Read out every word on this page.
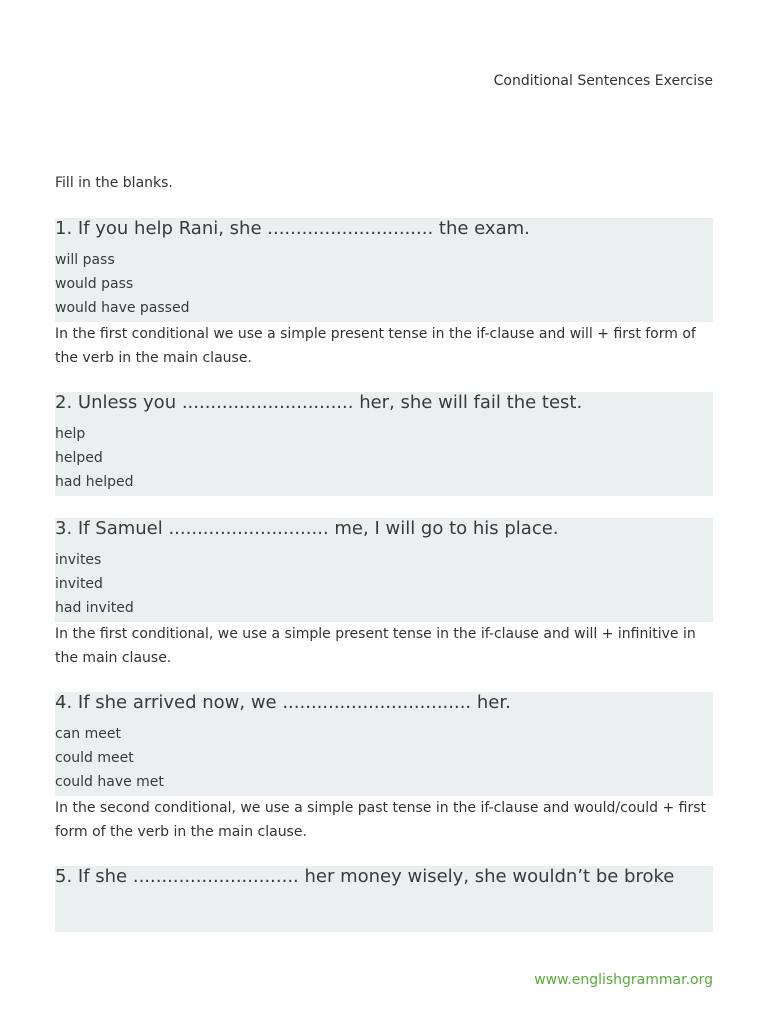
Conditional Sentences Exercise
Fill in the blanks.
1. If you help Rani, she ............................. the exam.
will pass
would pass
would have passed
In the first conditional we use a simple present tense in the if-clause and will + first form of the verb in the main clause.
2. Unless you .............................. her, she will fail the test.
help
helped
had helped
3. If Samuel ............................ me, I will go to his place.
invites
invited
had invited
In the first conditional, we use a simple present tense in the if-clause and will + infinitive in the main clause.
4. If she arrived now, we ................................. her.
can meet
could meet
could have met
In the second conditional, we use a simple past tense in the if-clause and would/could + first form of the verb in the main clause.
5. If she ............................. her money wisely, she wouldn’t be broke
www.englishgrammar.org
